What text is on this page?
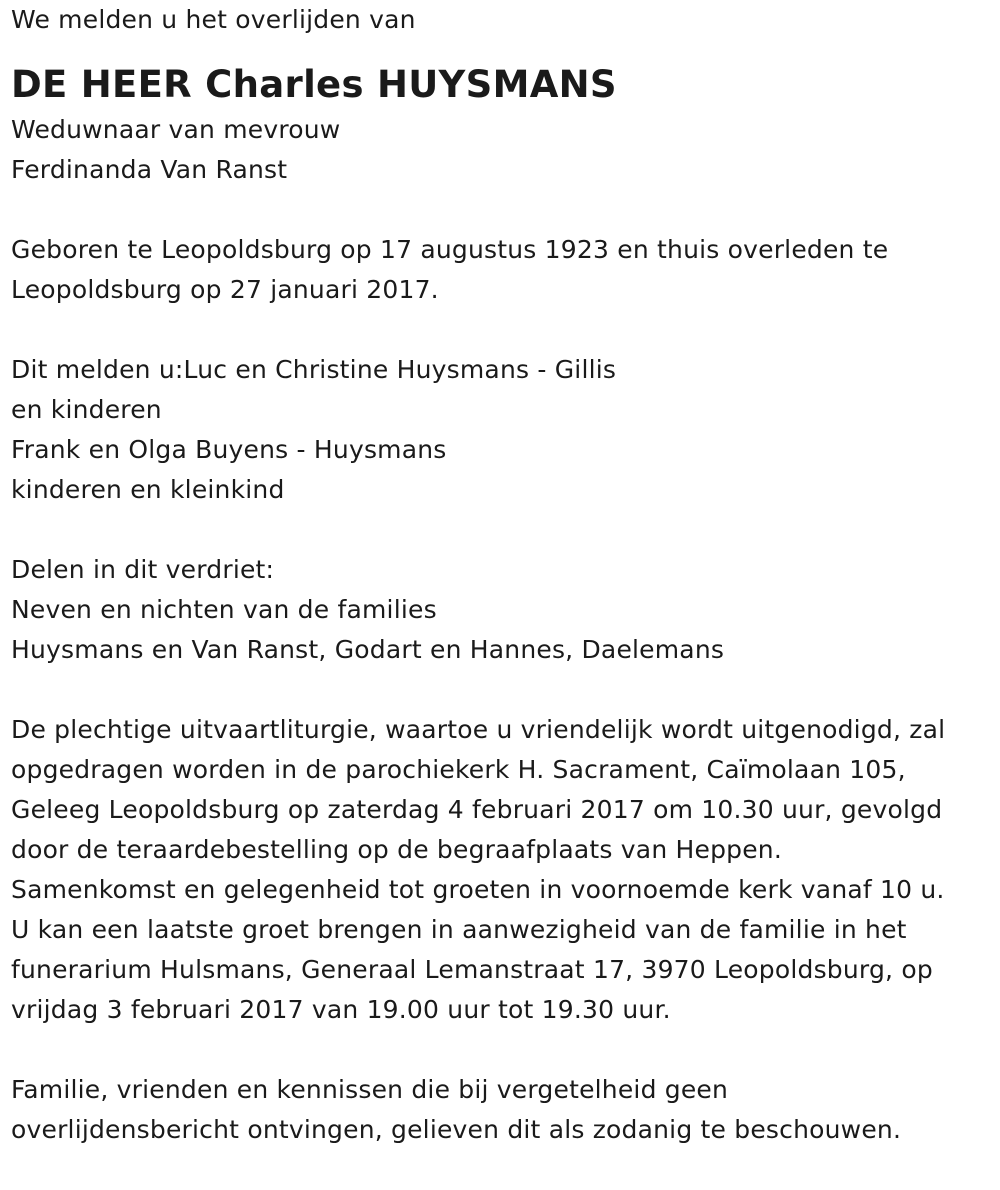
We melden u het overlijden van
DE HEER Charles HUYSMANS
Weduwnaar van mevrouw
Ferdinanda Van Ranst
Geboren te Leopoldsburg op 17 augustus 1923 en thuis overleden te
Leopoldsburg op 27 januari 2017.
Dit melden u:Luc en Christine Huysmans - Gillis
en kinderen
Frank en Olga Buyens - Huysmans
kinderen en kleinkind
Delen in dit verdriet:
Neven en nichten van de families
Huysmans en Van Ranst, Godart en Hannes, Daelemans
De plechtige uitvaartliturgie, waartoe u vriendelijk wordt uitgenodigd, zal
opgedragen worden in de parochiekerk H. Sacrament, Caïmolaan 105,
Geleeg Leopoldsburg op zaterdag 4 februari 2017 om 10.30 uur, gevolgd
door de teraardebestelling op de begraafplaats van Heppen.
Samenkomst en gelegenheid tot groeten in voornoemde kerk vanaf 10 u.
U kan een laatste groet brengen in aanwezigheid van de familie in het
funerarium Hulsmans, Generaal Lemanstraat 17, 3970 Leopoldsburg, op
vrijdag 3 februari 2017 van 19.00 uur tot 19.30 uur.
Familie, vrienden en kennissen die bij vergetelheid geen
overlijdensbericht ontvingen, gelieven dit als zodanig te beschouwen.
